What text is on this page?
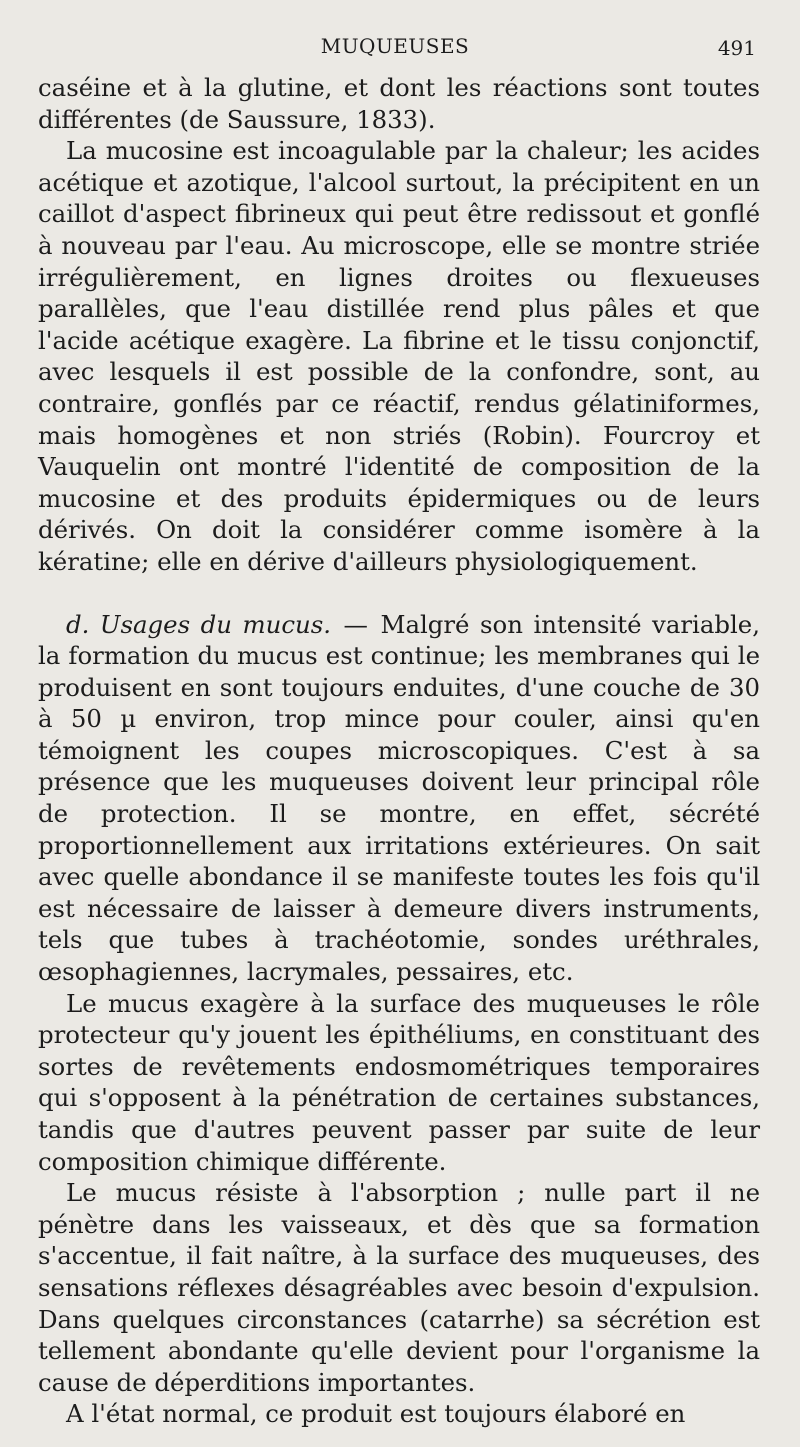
MUQUEUSES	491

caséine et à la glutine, et dont les réactions sont toutes différentes (de Saussure, 1833).

La mucosine est incoagulable par la chaleur; les acides acétique et azotique, l'alcool surtout, la précipitent en un caillot d'aspect fibrineux qui peut être redissout et gonflé à nouveau par l'eau. Au microscope, elle se montre striée irrégulièrement, en lignes droites ou flexueuses parallèles, que l'eau distillée rend plus pâles et que l'acide acétique exagère. La fibrine et le tissu conjonctif, avec lesquels il est possible de la confondre, sont, au contraire, gonflés par ce réactif, rendus gélatiniformes, mais homogènes et non striés (Robin). Fourcroy et Vauquelin ont montré l'identité de composition de la mucosine et des produits épidermiques ou de leurs dérivés. On doit la considérer comme isomère à la kératine; elle en dérive d'ailleurs physiologiquement.

d. Usages du mucus. — Malgré son intensité variable, la formation du mucus est continue; les membranes qui le produisent en sont toujours enduites, d'une couche de 30 à 50 µ environ, trop mince pour couler, ainsi qu'en témoignent les coupes microscopiques. C'est à sa présence que les muqueuses doivent leur principal rôle de protection. Il se montre, en effet, sécrété proportionnellement aux irritations extérieures. On sait avec quelle abondance il se manifeste toutes les fois qu'il est nécessaire de laisser à demeure divers instruments, tels que tubes à trachéotomie, sondes uréthrales, œsophagiennes, lacrymales, pessaires, etc.

Le mucus exagère à la surface des muqueuses le rôle protecteur qu'y jouent les épithéliums, en constituant des sortes de revêtements endosmométriques temporaires qui s'opposent à la pénétration de certaines substances, tandis que d'autres peuvent passer par suite de leur composition chimique différente.

Le mucus résiste à l'absorption ; nulle part il ne pénètre dans les vaisseaux, et dès que sa formation s'accentue, il fait naître, à la surface des muqueuses, des sensations réflexes désagréables avec besoin d'expulsion. Dans quelques circonstances (catarrhe) sa sécrétion est tellement abondante qu'elle devient pour l'organisme la cause de déperditions importantes.

A l'état normal, ce produit est toujours élaboré en
